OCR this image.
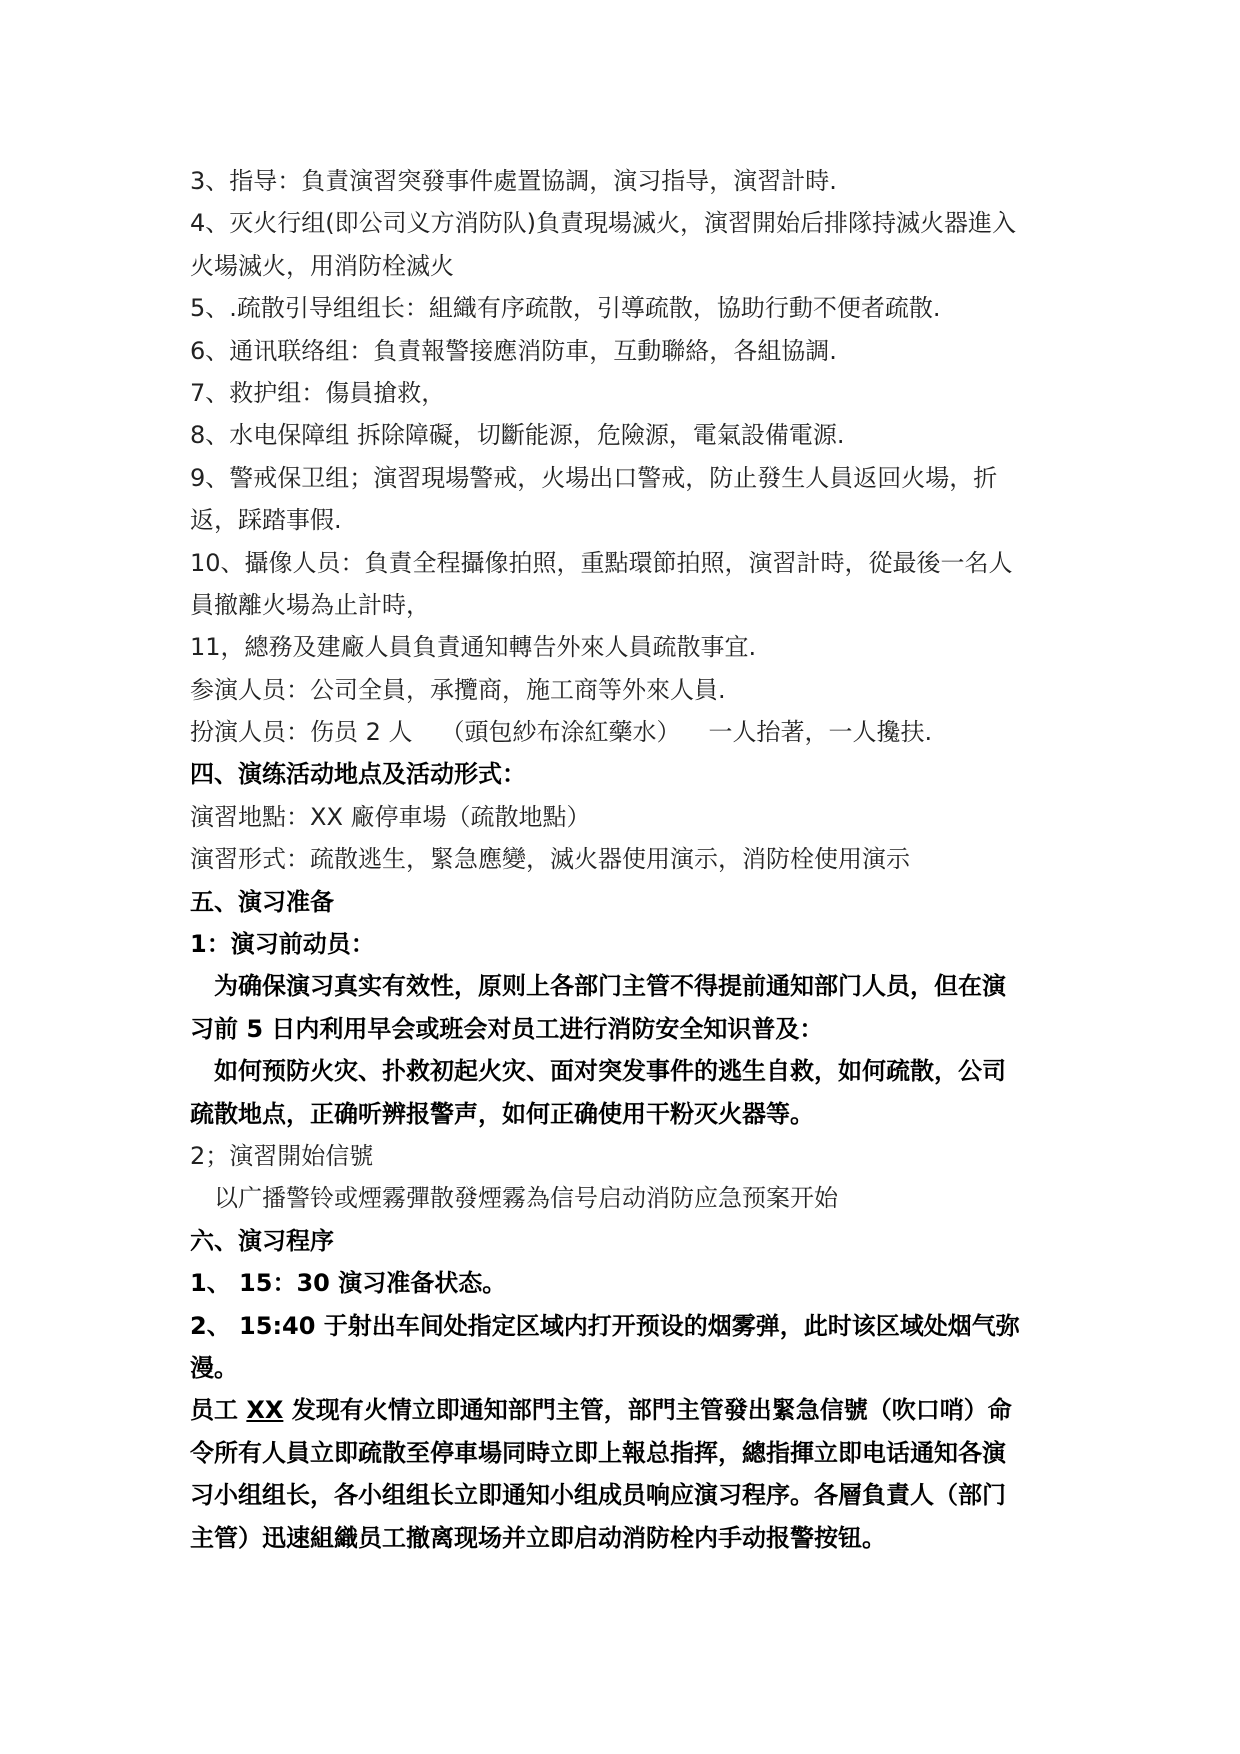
3、指导：負責演習突發事件處置協調，演习指导，演習計時.

4、灭火行组(即公司义方消防队)負責現場滅火，演習開始后排隊持滅火器進入

火場滅火，用消防栓滅火

5、.疏散引导组组长：組織有序疏散，引導疏散，協助行動不便者疏散.

6、通讯联络组：負責報警接應消防車，互動聯絡，各組協調.

7、救护组：傷員搶救，

8、水电保障组 拆除障礙，切斷能源，危險源，電氣設備電源.

9、警戒保卫组；演習現場警戒，火場出口警戒，防止發生人員返回火場，折

返，踩踏事假.

10、攝像人员：負責全程攝像拍照，重點環節拍照，演習計時，從最後一名人

員撤離火場為止計時，

11，總務及建廠人員負責通知轉告外來人員疏散事宜.

参演人员：公司全員，承攬商，施工商等外來人員.

扮演人员：伤员 2 人 （頭包紗布涂紅藥水） 一人抬著，一人攙扶.

四、演练活动地点及活动形式：

演習地點：XX 廠停車場（疏散地點）

演習形式：疏散逃生，緊急應變，滅火器使用演示，消防栓使用演示

五、演习准备

1：演习前动员：

为确保演习真实有效性，原则上各部门主管不得提前通知部门人员，但在演

习前 5 日内利用早会或班会对员工进行消防安全知识普及：

如何预防火灾、扑救初起火灾、面对突发事件的逃生自救，如何疏散，公司

疏散地点，正确听辨报警声，如何正确使用干粉灭火器等。

2；演習開始信號

以广播警铃或煙霧彈散發煙霧為信号启动消防应急预案开始

六、演习程序

1、 15：30 演习准备状态。

2、 15:40 于射出车间处指定区域内打开预设的烟雾弹，此时该区域处烟气弥

漫。

员工 XX 发现有火情立即通知部門主管，部門主管發出緊急信號（吹口哨）命

令所有人員立即疏散至停車場同時立即上報总指挥，總指揮立即电话通知各演

习小组组长，各小组组长立即通知小组成员响应演习程序。各層負責人（部门

主管）迅速組織员工撤离现场并立即启动消防栓内手动报警按钮。
